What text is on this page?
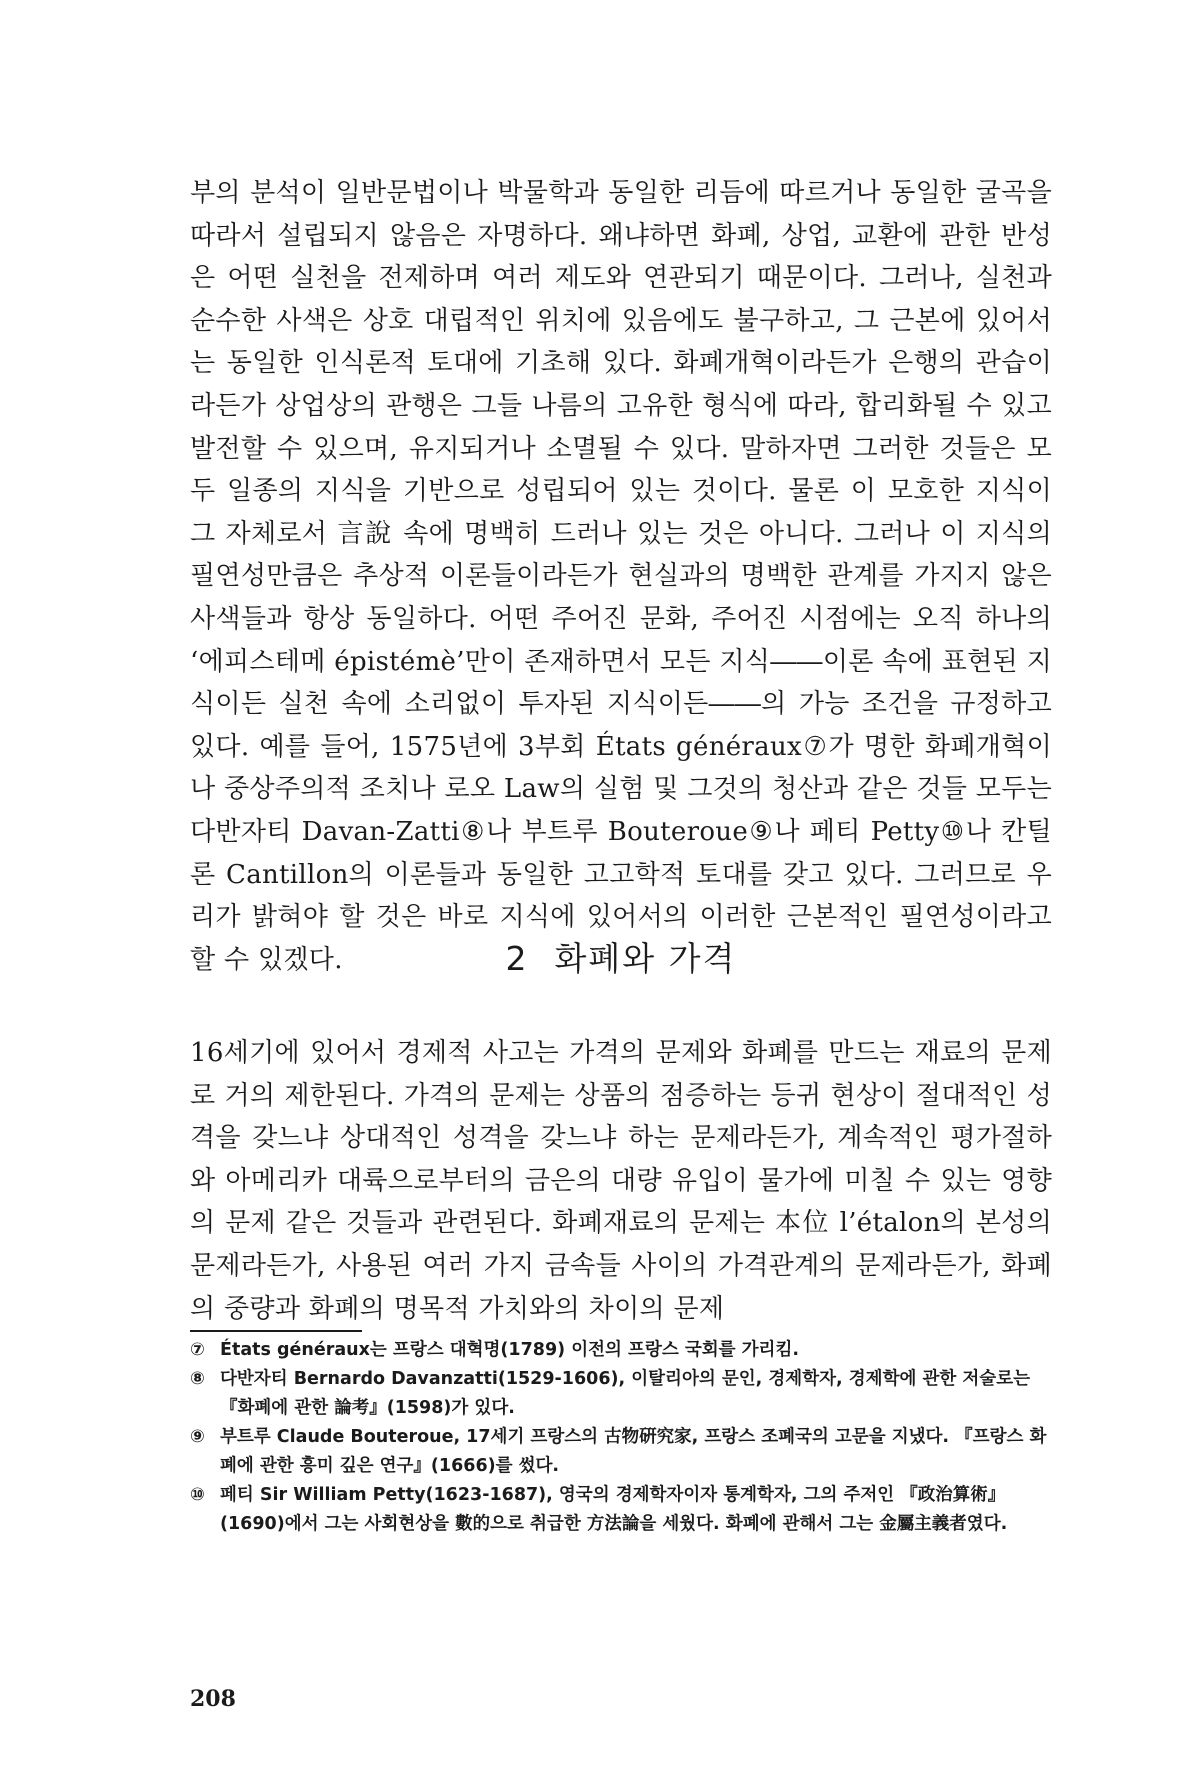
부의 분석이 일반문법이나 박물학과 동일한 리듬에 따르거나 동일한 굴곡을 따라서 설립되지 않음은 자명하다. 왜냐하면 화폐, 상업, 교환에 관한 반성은 어떤 실천을 전제하며 여러 제도와 연관되기 때문이다. 그러나, 실천과 순수한 사색은 상호 대립적인 위치에 있음에도 불구하고, 그 근본에 있어서는 동일한 인식론적 토대에 기초해 있다. 화폐개혁이라든가 은행의 관습이라든가 상업상의 관행은 그들 나름의 고유한 형식에 따라, 합리화될 수 있고 발전할 수 있으며, 유지되거나 소멸될 수 있다. 말하자면 그러한 것들은 모두 일종의 지식을 기반으로 성립되어 있는 것이다. 물론 이 모호한 지식이 그 자체로서 言說 속에 명백히 드러나 있는 것은 아니다. 그러나 이 지식의 필연성만큼은 추상적 이론들이라든가 현실과의 명백한 관계를 가지지 않은 사색들과 항상 동일하다. 어떤 주어진 문화, 주어진 시점에는 오직 하나의 ‘에피스테메 épistémè’만이 존재하면서 모든 지식――이론 속에 표현된 지식이든 실천 속에 소리없이 투자된 지식이든――의 가능 조건을 규정하고 있다. 예를 들어, 1575년에 3부회 États généraux⑦가 명한 화폐개혁이나 중상주의적 조치나 로오 Law의 실험 및 그것의 청산과 같은 것들 모두는 다반자티 Davan-Zatti⑧나 부트루 Bouteroue⑨나 페티 Petty⑩나 칸틸론 Cantillon의 이론들과 동일한 고고학적 토대를 갖고 있다. 그러므로 우리가 밝혀야 할 것은 바로 지식에 있어서의 이러한 근본적인 필연성이라고 할 수 있겠다.	2 화폐와 가격

16세기에 있어서 경제적 사고는 가격의 문제와 화폐를 만드는 재료의 문제로 거의 제한된다. 가격의 문제는 상품의 점증하는 등귀 현상이 절대적인 성격을 갖느냐 상대적인 성격을 갖느냐 하는 문제라든가, 계속적인 평가절하와 아메리카 대륙으로부터의 금은의 대량 유입이 물가에 미칠 수 있는 영향의 문제 같은 것들과 관련된다. 화폐재료의 문제는 本位 l’étalon의 본성의 문제라든가, 사용된 여러 가지 금속들 사이의 가격관계의 문제라든가, 화폐의 중량과 화폐의 명목적 가치와의 차이의 문제

⑦ États généraux는 프랑스 대혁명(1789) 이전의 프랑스 국회를 가리킴.
⑧ 다반자티 Bernardo Davanzatti(1529-1606), 이탈리아의 문인, 경제학자, 경제학에 관한 저술로는 『화폐에 관한 論考』(1598)가 있다.
⑨ 부트루 Claude Bouteroue, 17세기 프랑스의 古物硏究家, 프랑스 조폐국의 고문을 지냈다. 『프랑스 화폐에 관한 흥미 깊은 연구』(1666)를 썼다.
⑩ 페티 Sir William Petty(1623-1687), 영국의 경제학자이자 통계학자, 그의 주저인 『政治算術』(1690)에서 그는 사회현상을 數的으로 취급한 方法論을 세웠다. 화폐에 관해서 그는 金屬主義者였다.
208
